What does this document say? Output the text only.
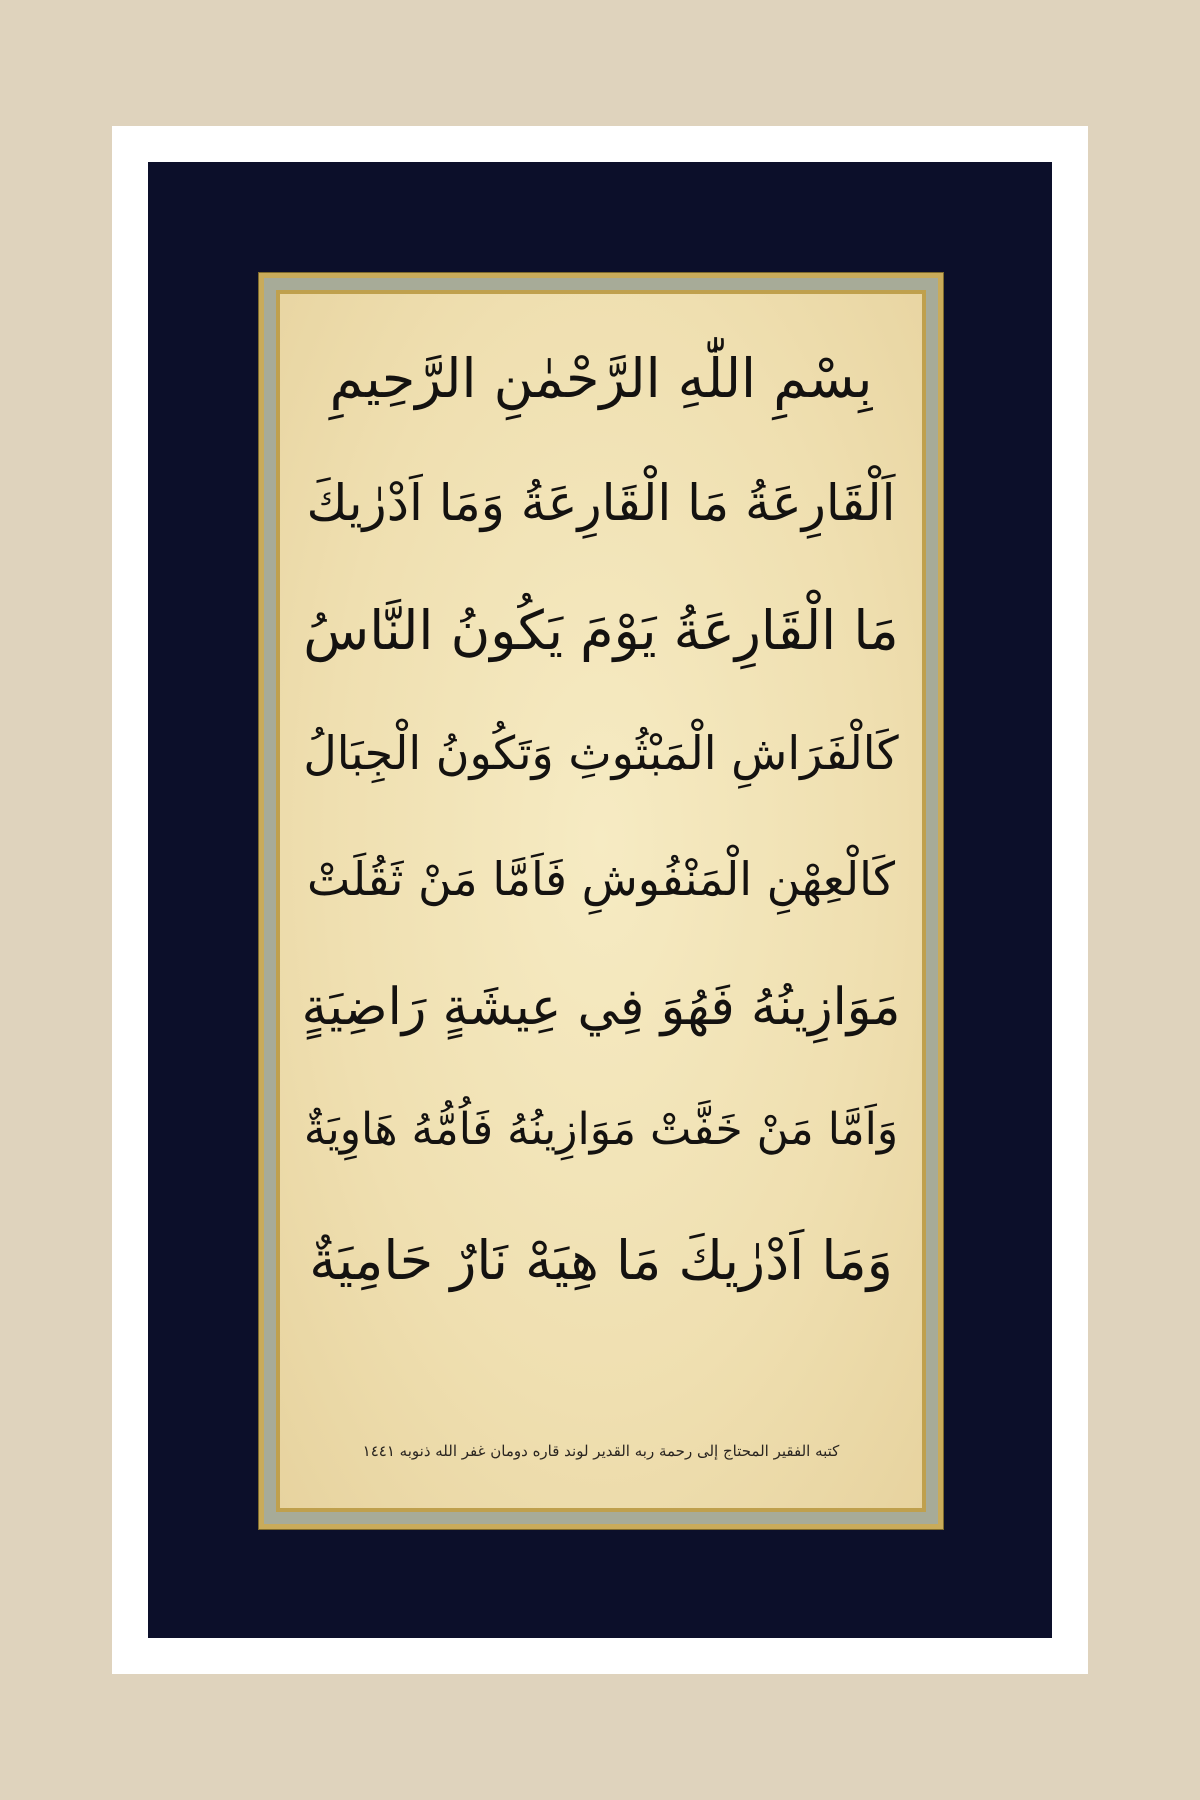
بِسْمِ اللّٰهِ الرَّحْمٰنِ الرَّحِيمِ
اَلْقَارِعَةُ مَا الْقَارِعَةُ وَمَا اَدْرٰيكَ
مَا الْقَارِعَةُ يَوْمَ يَكُونُ النَّاسُ
كَالْفَرَاشِ الْمَبْثُوثِ وَتَكُونُ الْجِبَالُ
كَالْعِهْنِ الْمَنْفُوشِ فَاَمَّا مَنْ ثَقُلَتْ
مَوَازِينُهُ فَهُوَ فِي عِيشَةٍ رَاضِيَةٍ
وَاَمَّا مَنْ خَفَّتْ مَوَازِينُهُ فَاُمُّهُ هَاوِيَةٌ
وَمَا اَدْرٰيكَ مَا هِيَهْ نَارٌ حَامِيَةٌ
كتبه الفقير المحتاج إلى رحمة ربه القدير لوند قاره دومان غفر الله ذنوبه ١٤٤١
